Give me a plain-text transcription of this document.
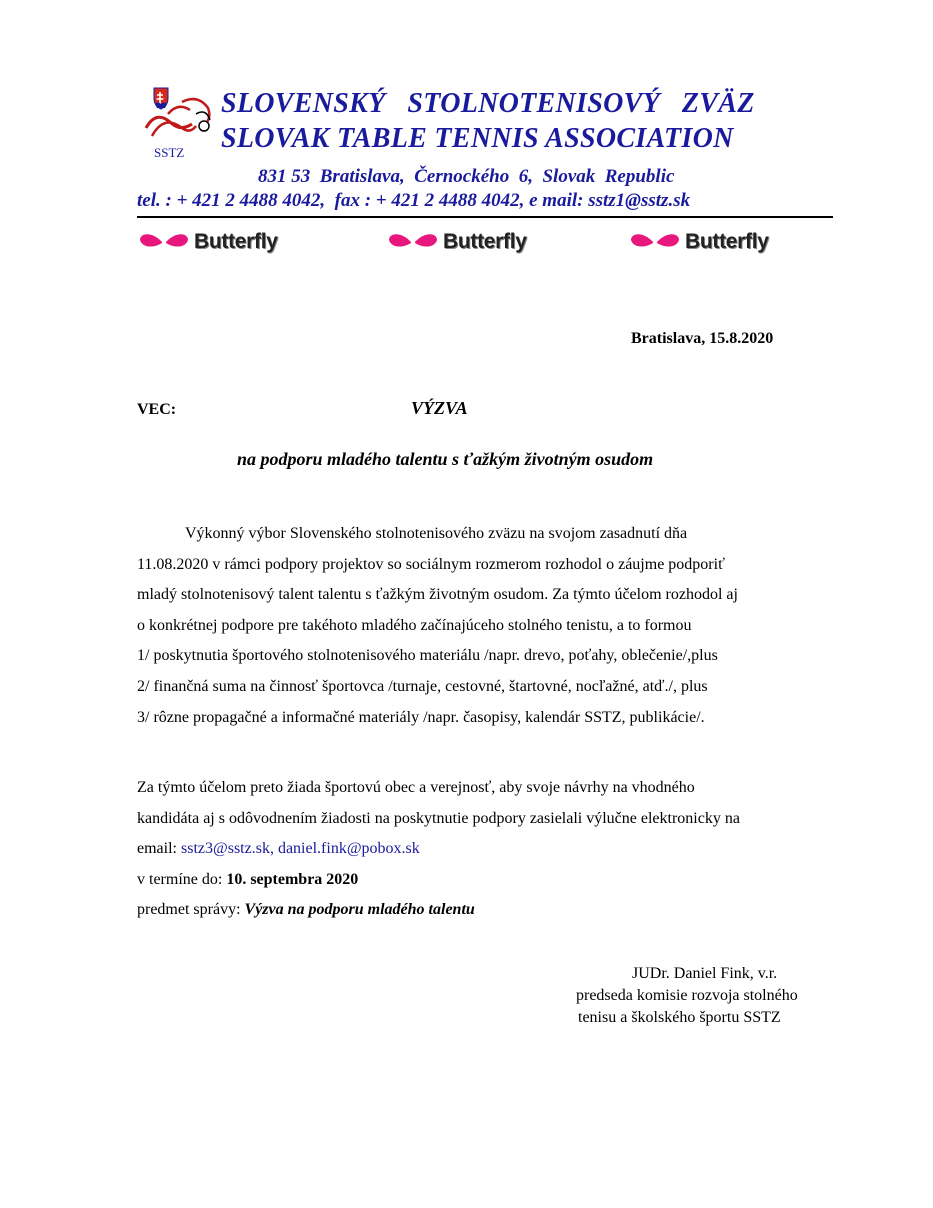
SSTZ
SLOVENSKÝ   STOLNOTENISOVÝ   ZVÄZ
SLOVAK TABLE TENNIS ASSOCIATION
831 53  Bratislava,  Černockého  6,  Slovak  Republic
tel. : + 421 2 4488 4042,  fax : + 421 2 4488 4042, e mail: sstz1@sstz.sk
Butterfly	Butterfly	Butterfly
Bratislava, 15.8.2020
VEC:	VÝZVA
na podporu mladého talentu s ťažkým životným osudom
Výkonný výbor Slovenského stolnotenisového zväzu na svojom zasadnutí dňa
11.08.2020 v rámci podpory projektov so sociálnym rozmerom rozhodol o záujme podporiť
mladý stolnotenisový talent talentu s ťažkým životným osudom. Za týmto účelom rozhodol aj
o konkrétnej podpore pre takéhoto mladého začínajúceho stolného tenistu, a to formou
1/ poskytnutia športového stolnotenisového materiálu /napr. drevo, poťahy, oblečenie/,plus
2/ finančná suma na činnosť športovca /turnaje, cestovné, štartovné, nocľažné, atď./, plus
3/ rôzne propagačné a informačné materiály /napr. časopisy, kalendár SSTZ, publikácie/.
Za týmto účelom preto žiada športovú obec a verejnosť, aby svoje návrhy na vhodného
kandidáta aj s odôvodnením žiadosti na poskytnutie podpory zasielali výlučne elektronicky na
email: sstz3@sstz.sk, daniel.fink@pobox.sk
v termíne do: 10. septembra 2020
predmet správy: Výzva na podporu mladého talentu
JUDr. Daniel Fink, v.r.
predseda komisie rozvoja stolného
tenisu a školského športu SSTZ
